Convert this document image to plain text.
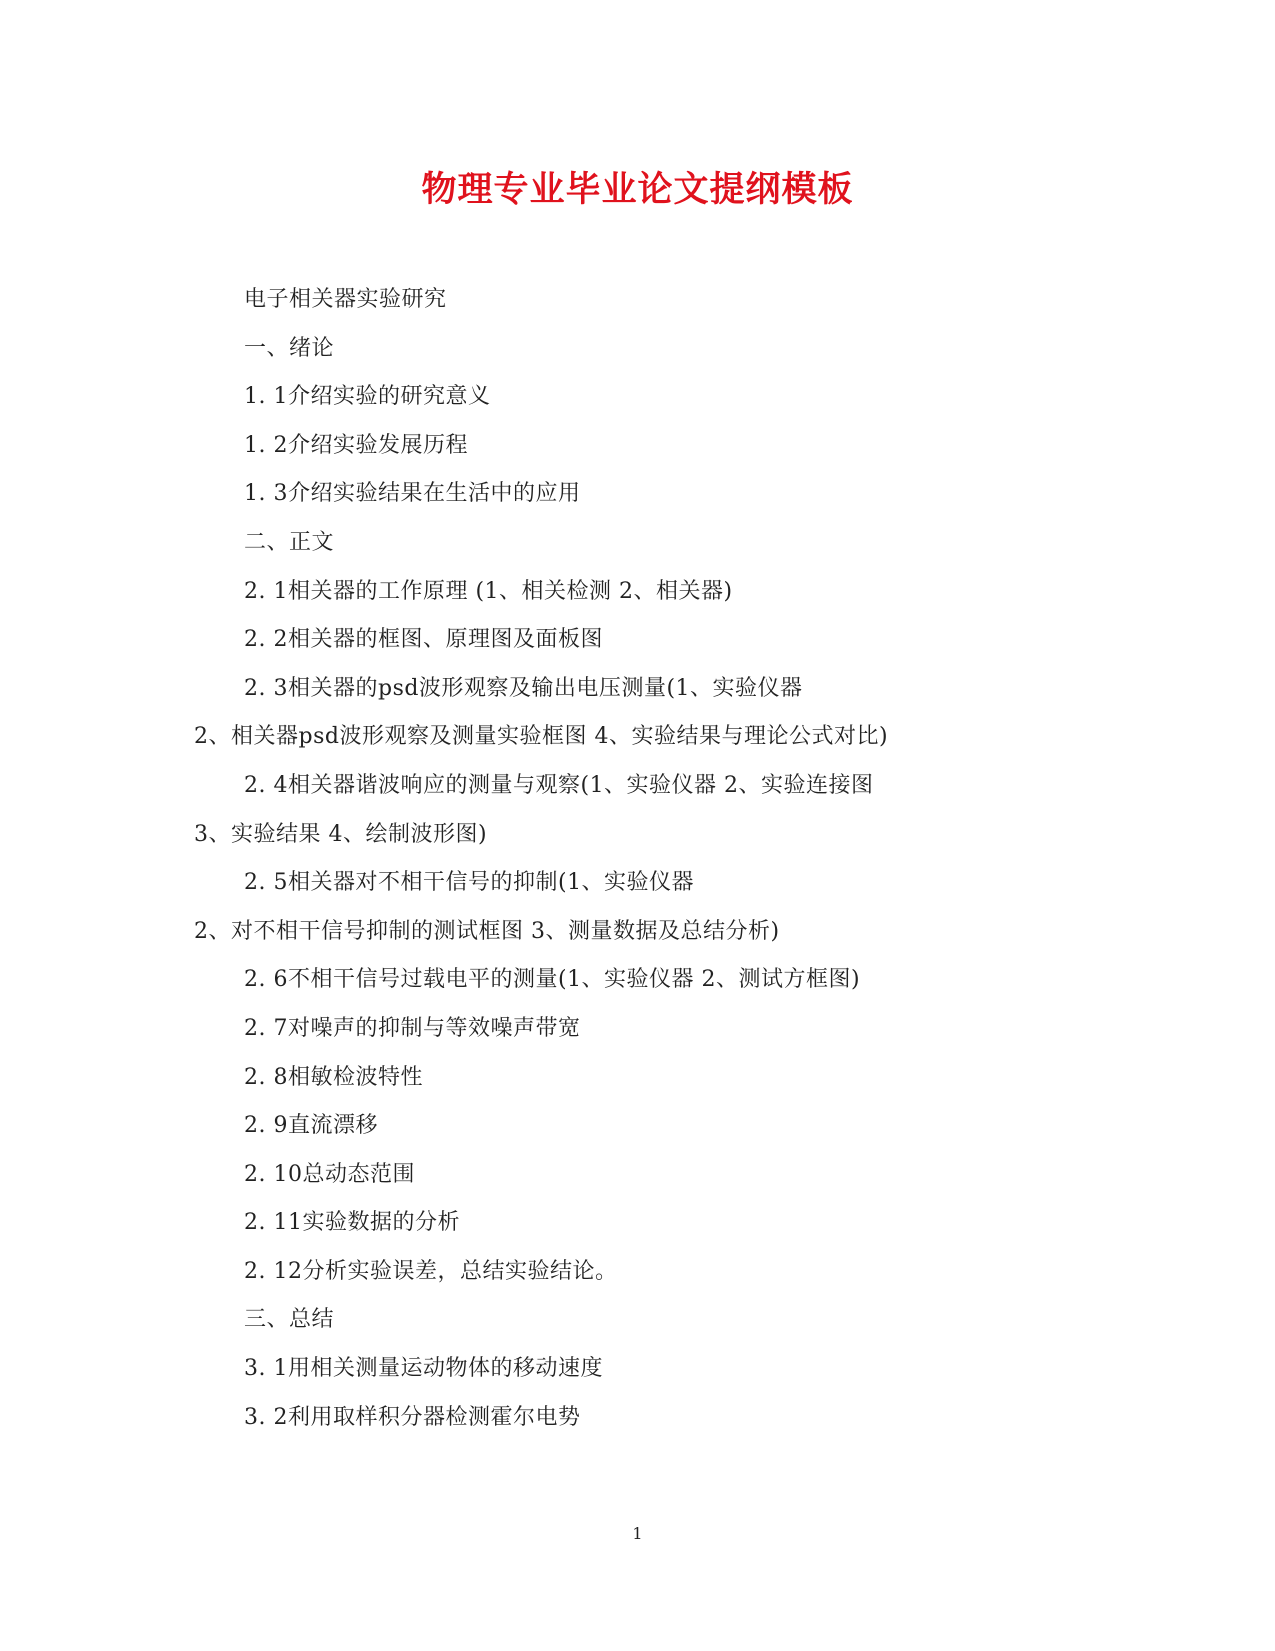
物理专业毕业论文提纲模板
电子相关器实验研究
一、绪论
1. 1介绍实验的研究意义
1. 2介绍实验发展历程
1. 3介绍实验结果在生活中的应用
二、正文
2. 1相关器的工作原理 (1、相关检测 2、相关器)
2. 2相关器的框图、原理图及面板图
2. 3相关器的psd波形观察及输出电压测量(1、实验仪器
2、相关器psd波形观察及测量实验框图 4、实验结果与理论公式对比)
2. 4相关器谐波响应的测量与观察(1、实验仪器 2、实验连接图
3、实验结果 4、绘制波形图)
2. 5相关器对不相干信号的抑制(1、实验仪器
2、对不相干信号抑制的测试框图 3、测量数据及总结分析)
2. 6不相干信号过载电平的测量(1、实验仪器 2、测试方框图)
2. 7对噪声的抑制与等效噪声带宽
2. 8相敏检波特性
2. 9直流漂移
2. 10总动态范围
2. 11实验数据的分析
2. 12分析实验误差，总结实验结论。
三、总结
3. 1用相关测量运动物体的移动速度
3. 2利用取样积分器检测霍尔电势
1
